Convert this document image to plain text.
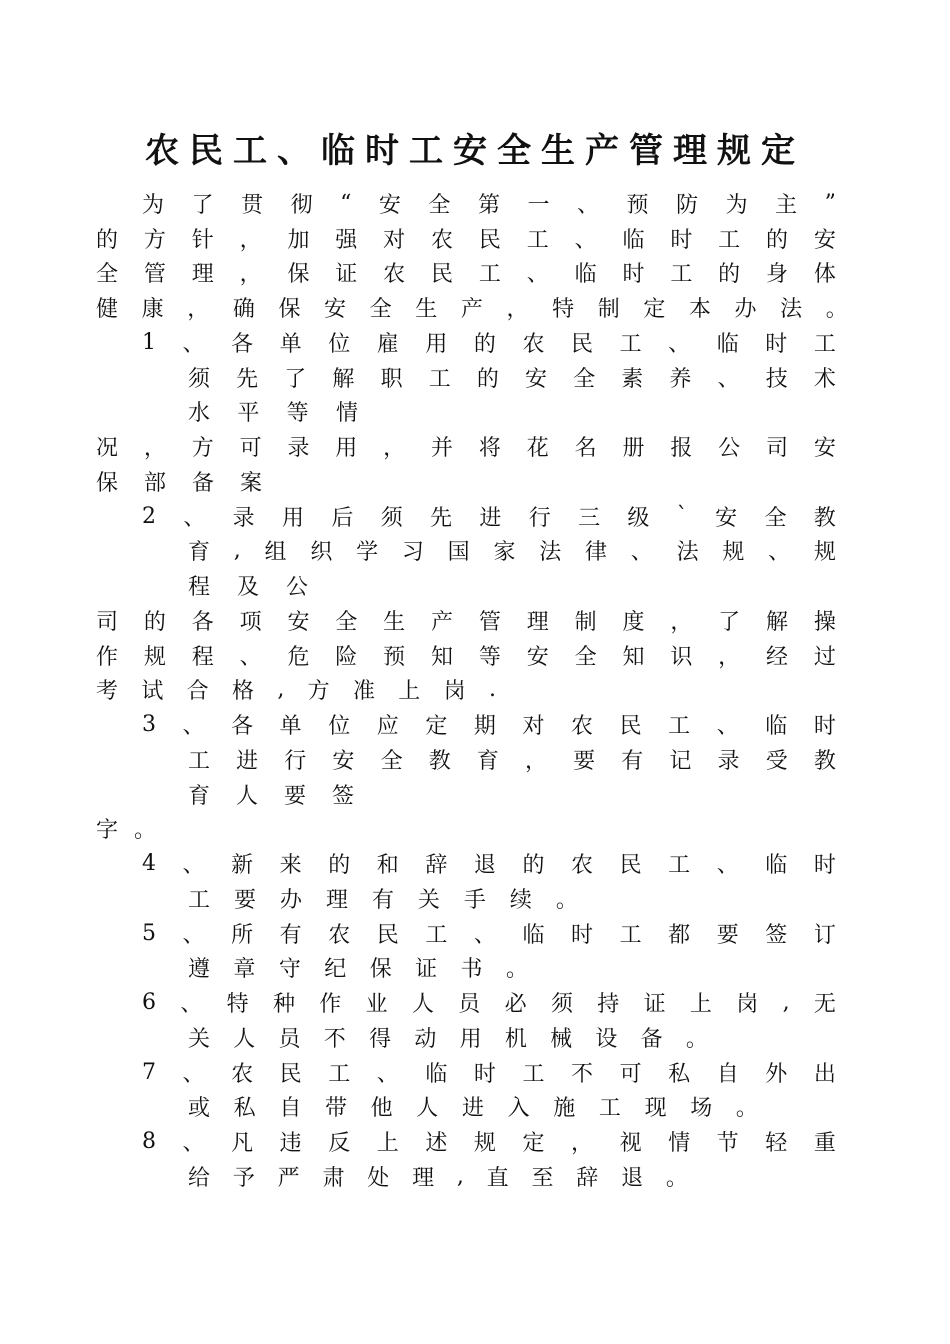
农民工、临时工安全生产管理规定
为 了 贯 彻 “ 安 全 第 一 、 预 防 为 主 ”
的 方 针 ， 加 强 对 农 民 工 、 临 时 工 的 安
全 管 理 ， 保 证 农 民 工 、 临 时 工 的 身 体
健 康 ， 确 保 安 全 生 产 ， 特 制 定 本 办 法 。
1 、 各 单 位 雇 用 的 农 民 工 、 临 时 工
须 先 了 解 职 工 的 安 全 素 养 、 技 术
水 平 等 情
况 ， 方 可 录 用 ， 并 将 花 名 册 报 公 司 安
保 部 备 案
2 、 录 用 后 须 先 进 行 三 级 ` 安 全 教
育 , 组 织 学 习 国 家 法 律 、 法 规 、 规
程 及 公
司 的 各 项 安 全 生 产 管 理 制 度 ， 了 解 操
作 规 程 、 危 险 预 知 等 安 全 知 识 ， 经 过
考 试 合 格 , 方 准 上 岗 .
3 、 各 单 位 应 定 期 对 农 民 工 、 临 时
工 进 行 安 全 教 育 ， 要 有 记 录 受 教
育 人 要 签
字 。
4 、 新 来 的 和 辞 退 的 农 民 工 、 临 时
工 要 办 理 有 关 手 续 。
5 、 所 有 农 民 工 、 临 时 工 都 要 签 订
遵 章 守 纪 保 证 书 。
6 、 特 种 作 业 人 员 必 须 持 证 上 岗 , 无
关 人 员 不 得 动 用 机 械 设 备 。
7 、 农 民 工 、 临 时 工 不 可 私 自 外 出
或 私 自 带 他 人 进 入 施 工 现 场 。
8 、 凡 违 反 上 述 规 定 ， 视 情 节 轻 重
给 予 严 肃 处 理 , 直 至 辞 退 。
